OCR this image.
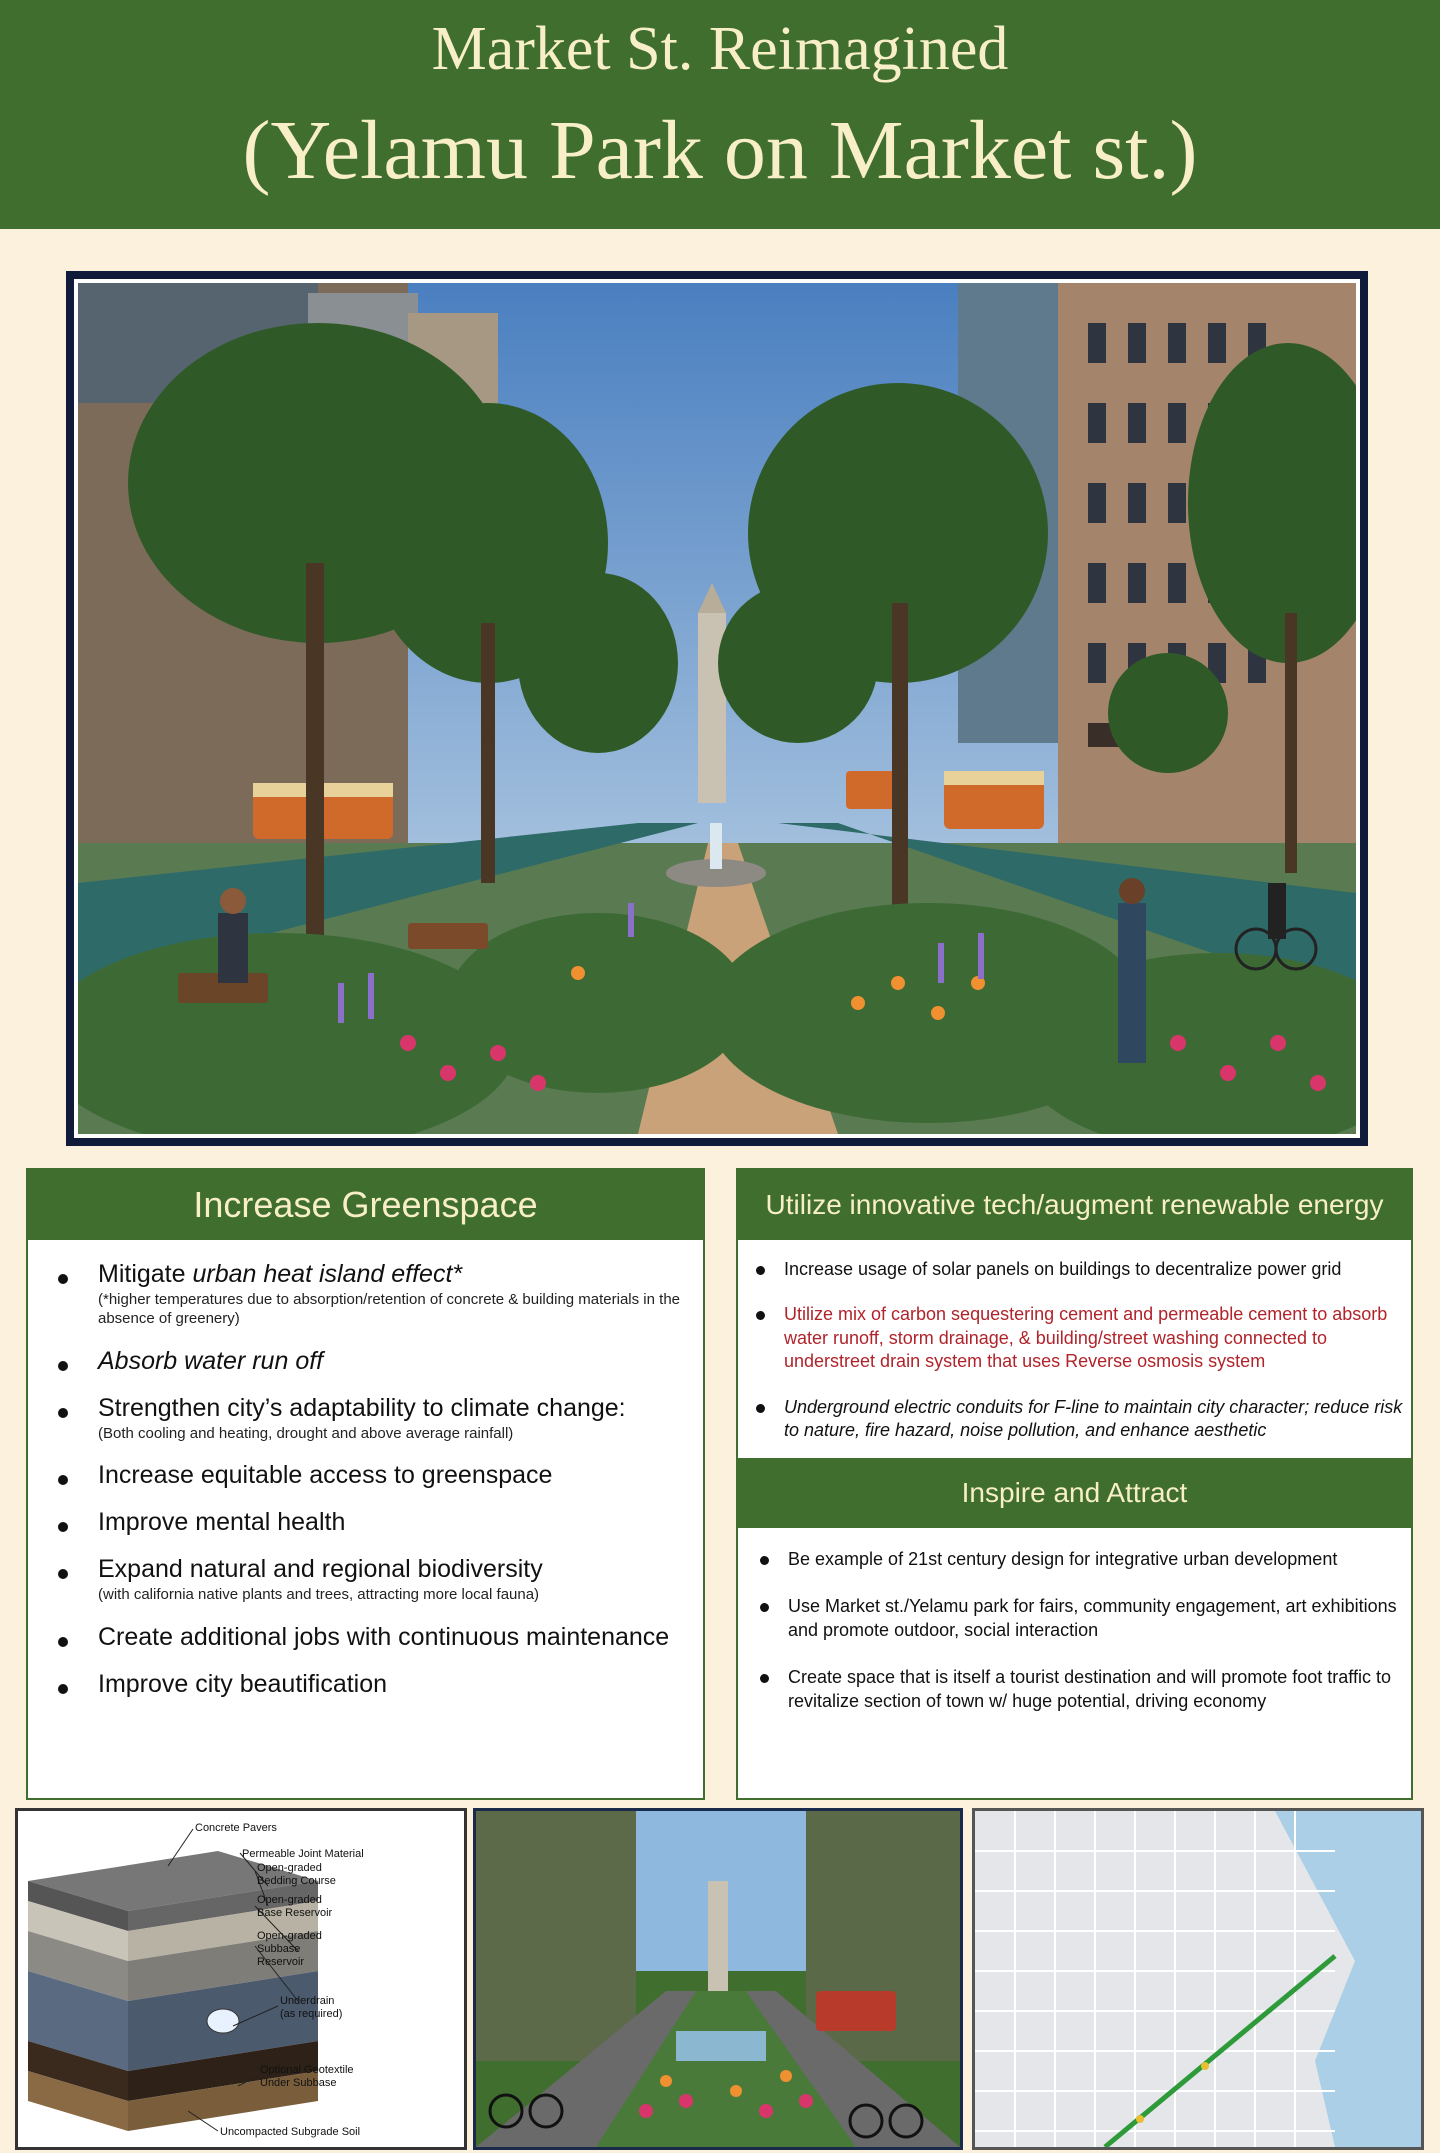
Market St. Reimagined
(Yelamu Park on Market st.)
Increase Greenspace
Mitigate urban heat island effect*
(*higher temperatures due to absorption/retention of concrete & building materials in the absence of greenery)
Absorb water run off
Strengthen city’s adaptability to climate change:
(Both cooling and heating, drought and above average rainfall)
Increase equitable access to greenspace
Improve mental health
Expand natural and regional biodiversity
(with california native plants and trees, attracting more local fauna)
Create additional jobs with continuous maintenance
Improve city beautification
Utilize innovative tech/augment renewable energy
Increase usage of solar panels on buildings to decentralize power grid
Utilize mix of carbon sequestering cement and permeable cement to absorb water runoff, storm drainage, & building/street washing connected to understreet drain system that uses Reverse osmosis system
Underground electric conduits for F-line to maintain city character; reduce risk to nature, fire hazard, noise pollution, and enhance aesthetic
Inspire and Attract
Be example of 21st century design for integrative urban development
Use Market st./Yelamu park for fairs, community engagement, art exhibitions and promote outdoor, social interaction
Create space that is itself a tourist destination and will promote foot traffic to revitalize section of town w/ huge potential, driving economy
Concrete Pavers
Permeable Joint Material
Open-graded
Bedding Course
Open-graded
Base Reservoir
Open-graded
Subbase
Reservoir
Underdrain
(as required)
Optional Geotextile
Under Subbase
Uncompacted Subgrade Soil
